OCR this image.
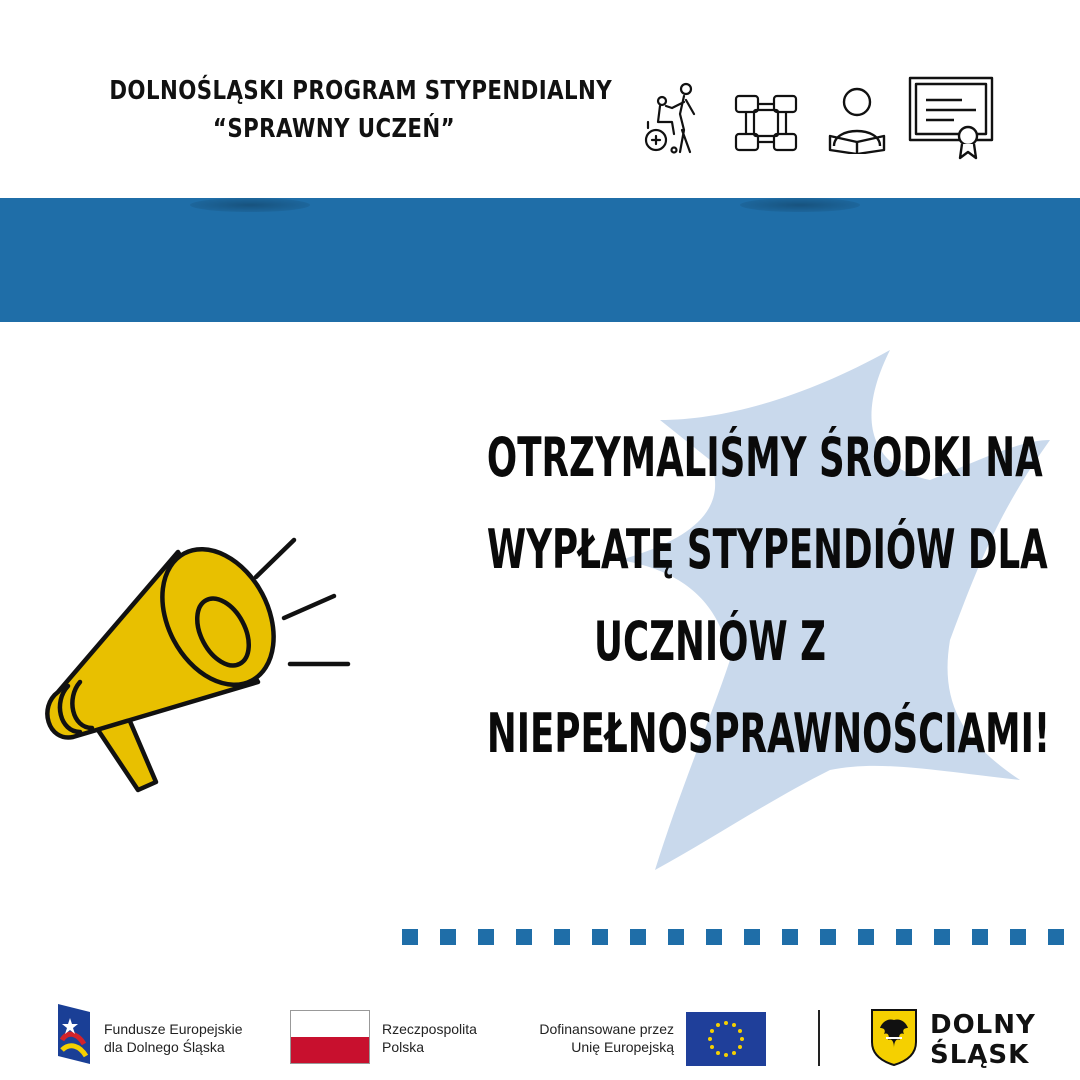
DOLNOŚLĄSKI PROGRAM STYPENDIALNY
“SPRAWNY UCZEŃ”
OTRZYMALIŚMY ŚRODKI NA
WYPŁATĘ STYPENDIÓW DLA
UCZNIÓW Z
NIEPEŁNOSPRAWNOŚCIAMI!
Fundusze Europejskie
dla Dolnego Śląska
Rzeczpospolita
Polska
Dofinansowane przez
Unię Europejską
DOLNY
ŚLĄSK
